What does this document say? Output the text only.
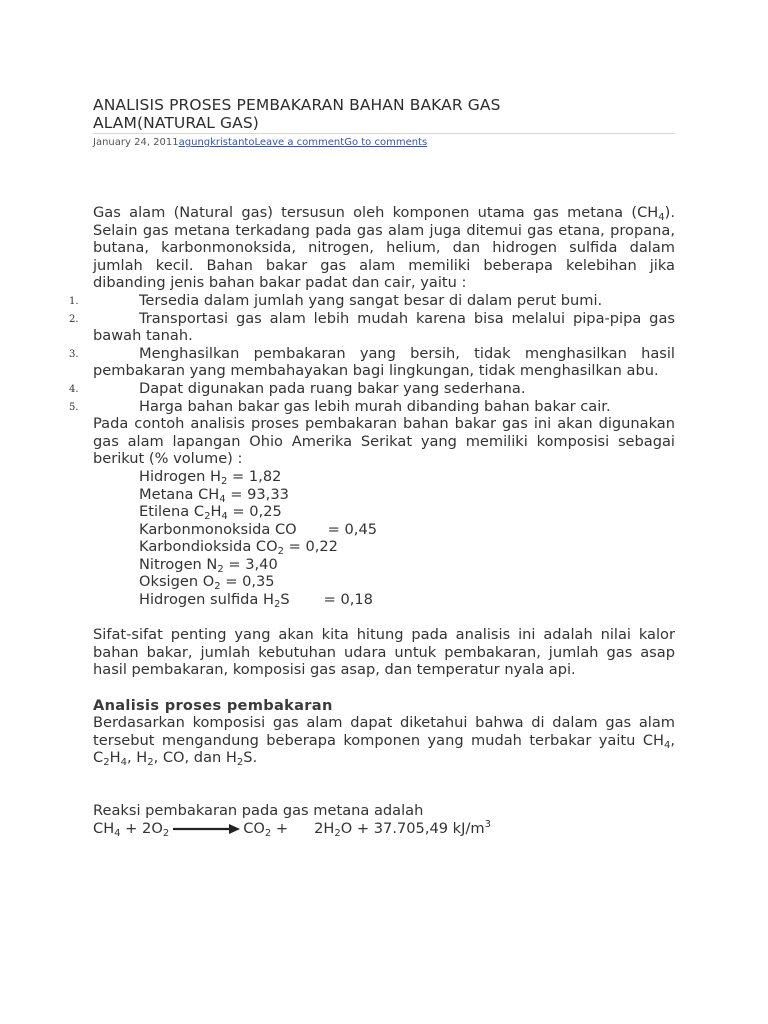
ANALISIS PROSES PEMBAKARAN BAHAN BAKAR GAS ALAM(NATURAL GAS)
January 24, 2011agungkristantoLeave a commentGo to comments

Gas alam (Natural gas) tersusun oleh komponen utama gas metana $(CH_4)$. Selain gas metana terkadang pada gas alam juga ditemui gas etana, propana, butana, karbonmonoksida, nitrogen, helium, dan hidrogen sulfida dalam jumlah kecil. Bahan bakar gas alam memiliki beberapa kelebihan jika dibanding jenis bahan bakar padat dan cair, yaitu :

1.	Tersedia dalam jumlah yang sangat besar di dalam perut bumi.

2.	Transportasi gas alam lebih mudah karena bisa melalui pipa-pipa gas bawah tanah.

3.	Menghasilkan pembakaran yang bersih, tidak menghasilkan hasil pembakaran yang membahayakan bagi lingkungan, tidak menghasilkan abu.

4.	Dapat digunakan pada ruang bakar yang sederhana.

5.	Harga bahan bakar gas lebih murah dibanding bahan bakar cair.

Pada contoh analisis proses pembakaran bahan bakar gas ini akan digunakan gas alam lapangan Ohio Amerika Serikat yang memiliki komposisi sebagai berikut (% volume) :

Hidrogen $H_2 = 1,82$

Metana $CH_4 = 93,33$

Etilena $C_2H_4 = 0,25$

Karbonmonoksida CO = 0,45

Karbondioksida $CO_2 = 0,22$

Nitrogen $N_2 = 3,40$

Oksigen $O_2 = 0,35$

Hidrogen sulfida $H_2S = 0,18$

Sifat-sifat penting yang akan kita hitung pada analisis ini adalah nilai kalor bahan bakar, jumlah kebutuhan udara untuk pembakaran, jumlah gas asap hasil pembakaran, komposisi gas asap, dan temperatur nyala api.

Analisis proses pembakaran

Berdasarkan komposisi gas alam dapat diketahui bahwa di dalam gas alam tersebut mengandung beberapa komponen yang mudah terbakar yaitu $CH_4$, $C_2H_4$, $H_2$, CO, dan $H_2S$.

Reaksi pembakaran pada gas metana adalah

$CH_4 + 2O_2$	$CO_2 + 2H_2O + 37.705,49$ $kJ/m^3$
